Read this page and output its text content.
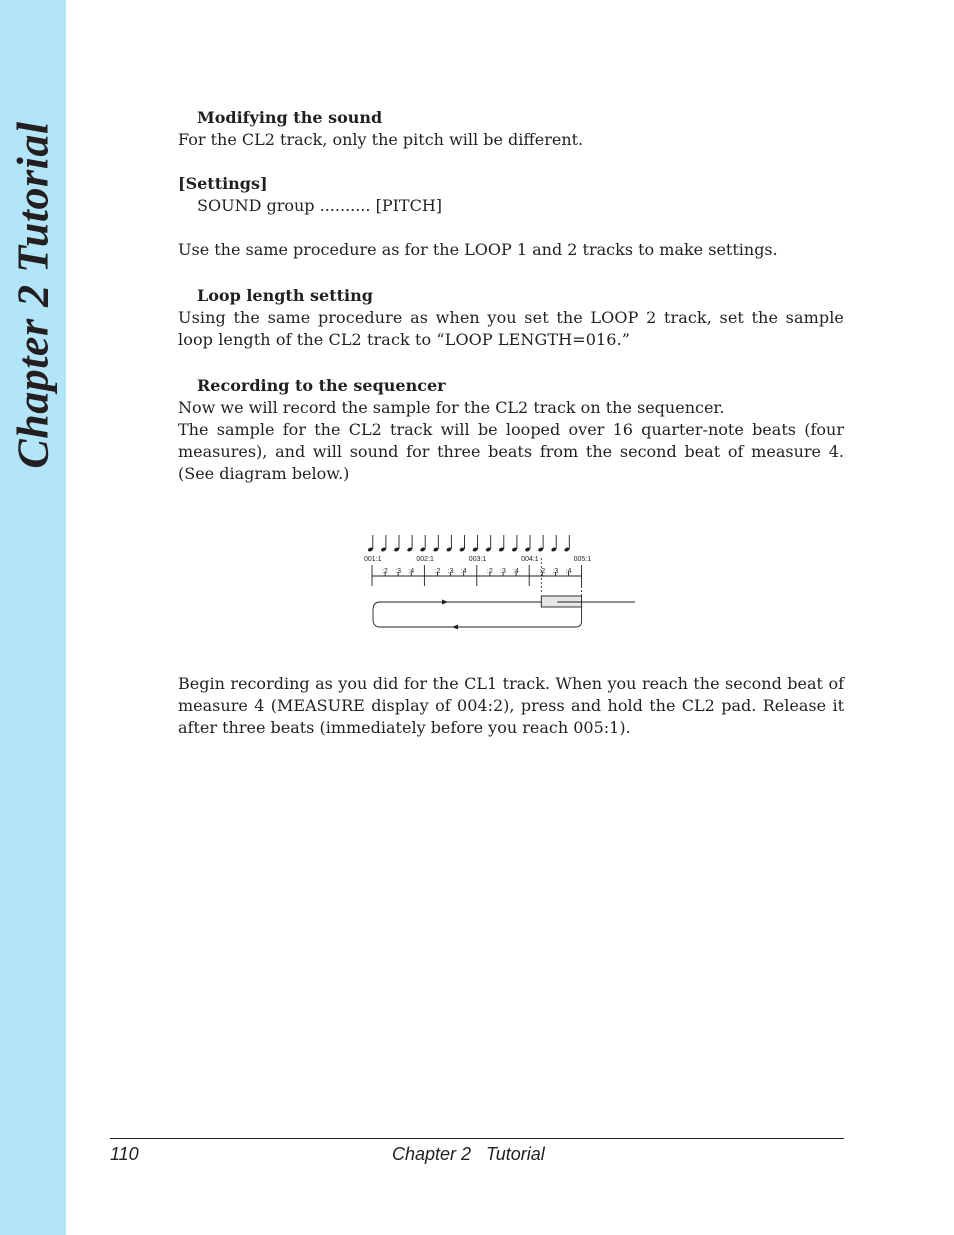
Chapter 2 Tutorial

Modifying the sound

For the CL2 track, only the pitch will be different.

[Settings]

SOUND group .......... [PITCH]

Use the same procedure as for the LOOP 1 and 2 tracks to make settings.

Loop length setting

Using the same procedure as when you set the LOOP 2 track, set the sample loop length of the CL2 track to “LOOP LENGTH=016.”

Recording to the sequencer

Now we will record the sample for the CL2 track on the sequencer.

The sample for the CL2 track will be looped over 16 quarter-note beats (four measures), and will sound for three beats from the second beat of measure 4. (See diagram below.)

001:1	002:1	003:1	004:1	005:1
:2 :3 :4	:2 :3 :4	:2 :3 :4	:2 :3 :4

Begin recording as you did for the CL1 track. When you reach the second beat of measure 4 (MEASURE display of 004:2), press and hold the CL2 pad. Release it after three beats (immediately before you reach 005:1).

110	Chapter 2   Tutorial
